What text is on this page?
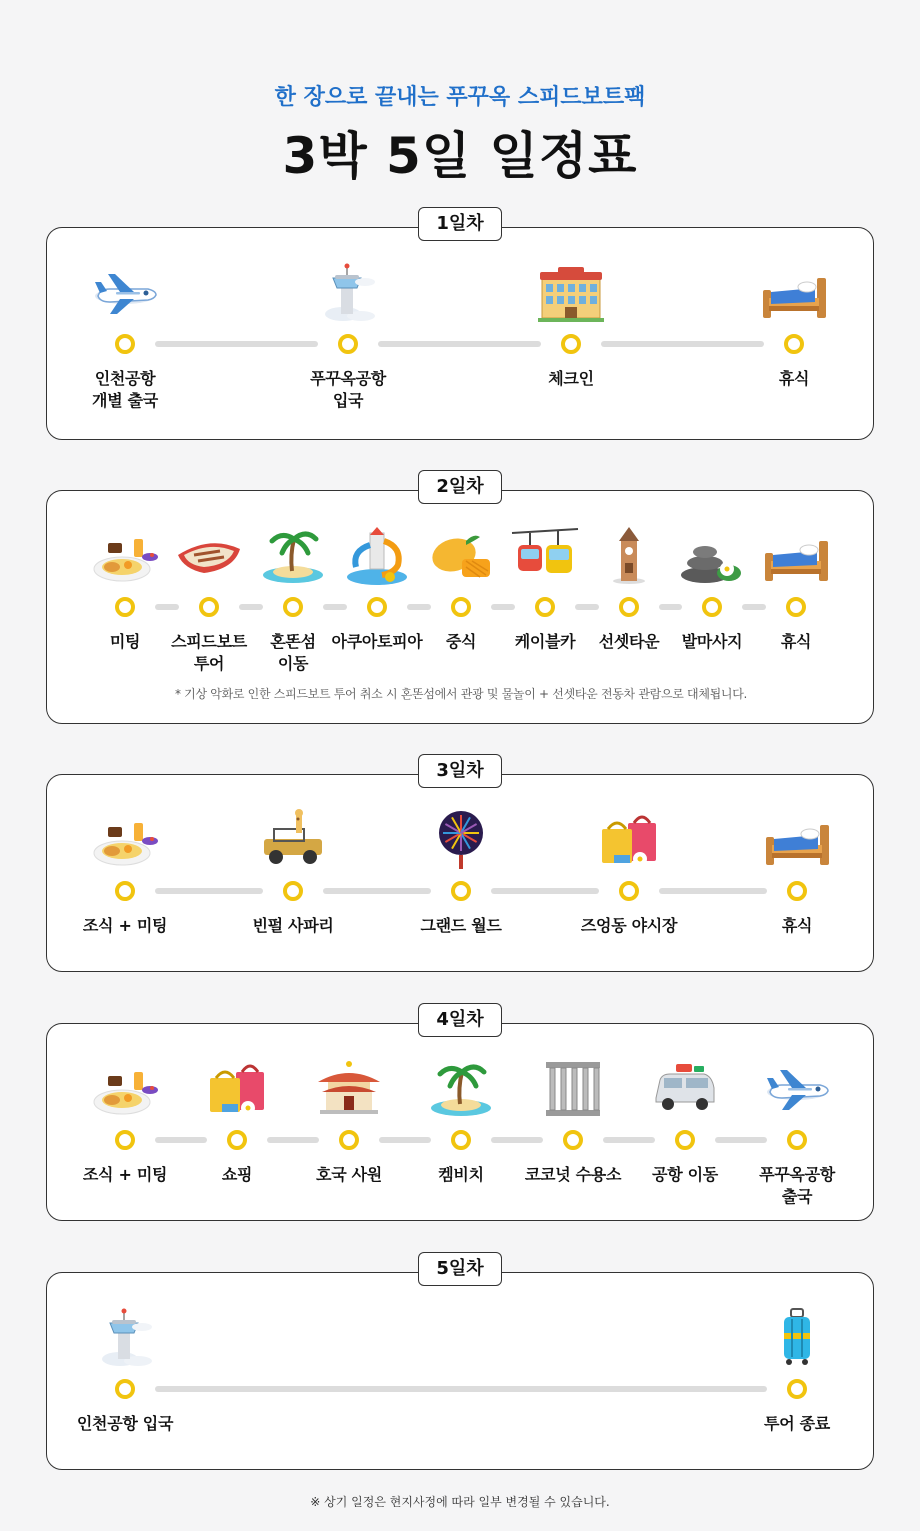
한 장으로 끝내는 푸꾸옥 스피드보트팩
3박 5일 일정표
1일차
인천공항
개별 출국
푸꾸옥공항
입국
체크인	휴식
2일차
미팅	스피드보트
투어
혼똔섬
이동
아쿠아토피아	중식	케이블카	선셋타운	발마사지	휴식
* 기상 악화로 인한 스피드보트 투어 취소 시 혼똔섬에서 관광 및 물놀이 + 선셋타운 전동차 관람으로 대체됩니다.
3일차
조식 + 미팅	빈펄 사파리	그랜드 월드	즈엉동 야시장	휴식
4일차
조식 + 미팅	쇼핑	호국 사원	켐비치	코코넛 수용소	공항 이동	푸꾸옥공항
출국
5일차
인천공항 입국	투어 종료
※ 상기 일정은 현지사정에 따라 일부 변경될 수 있습니다.
